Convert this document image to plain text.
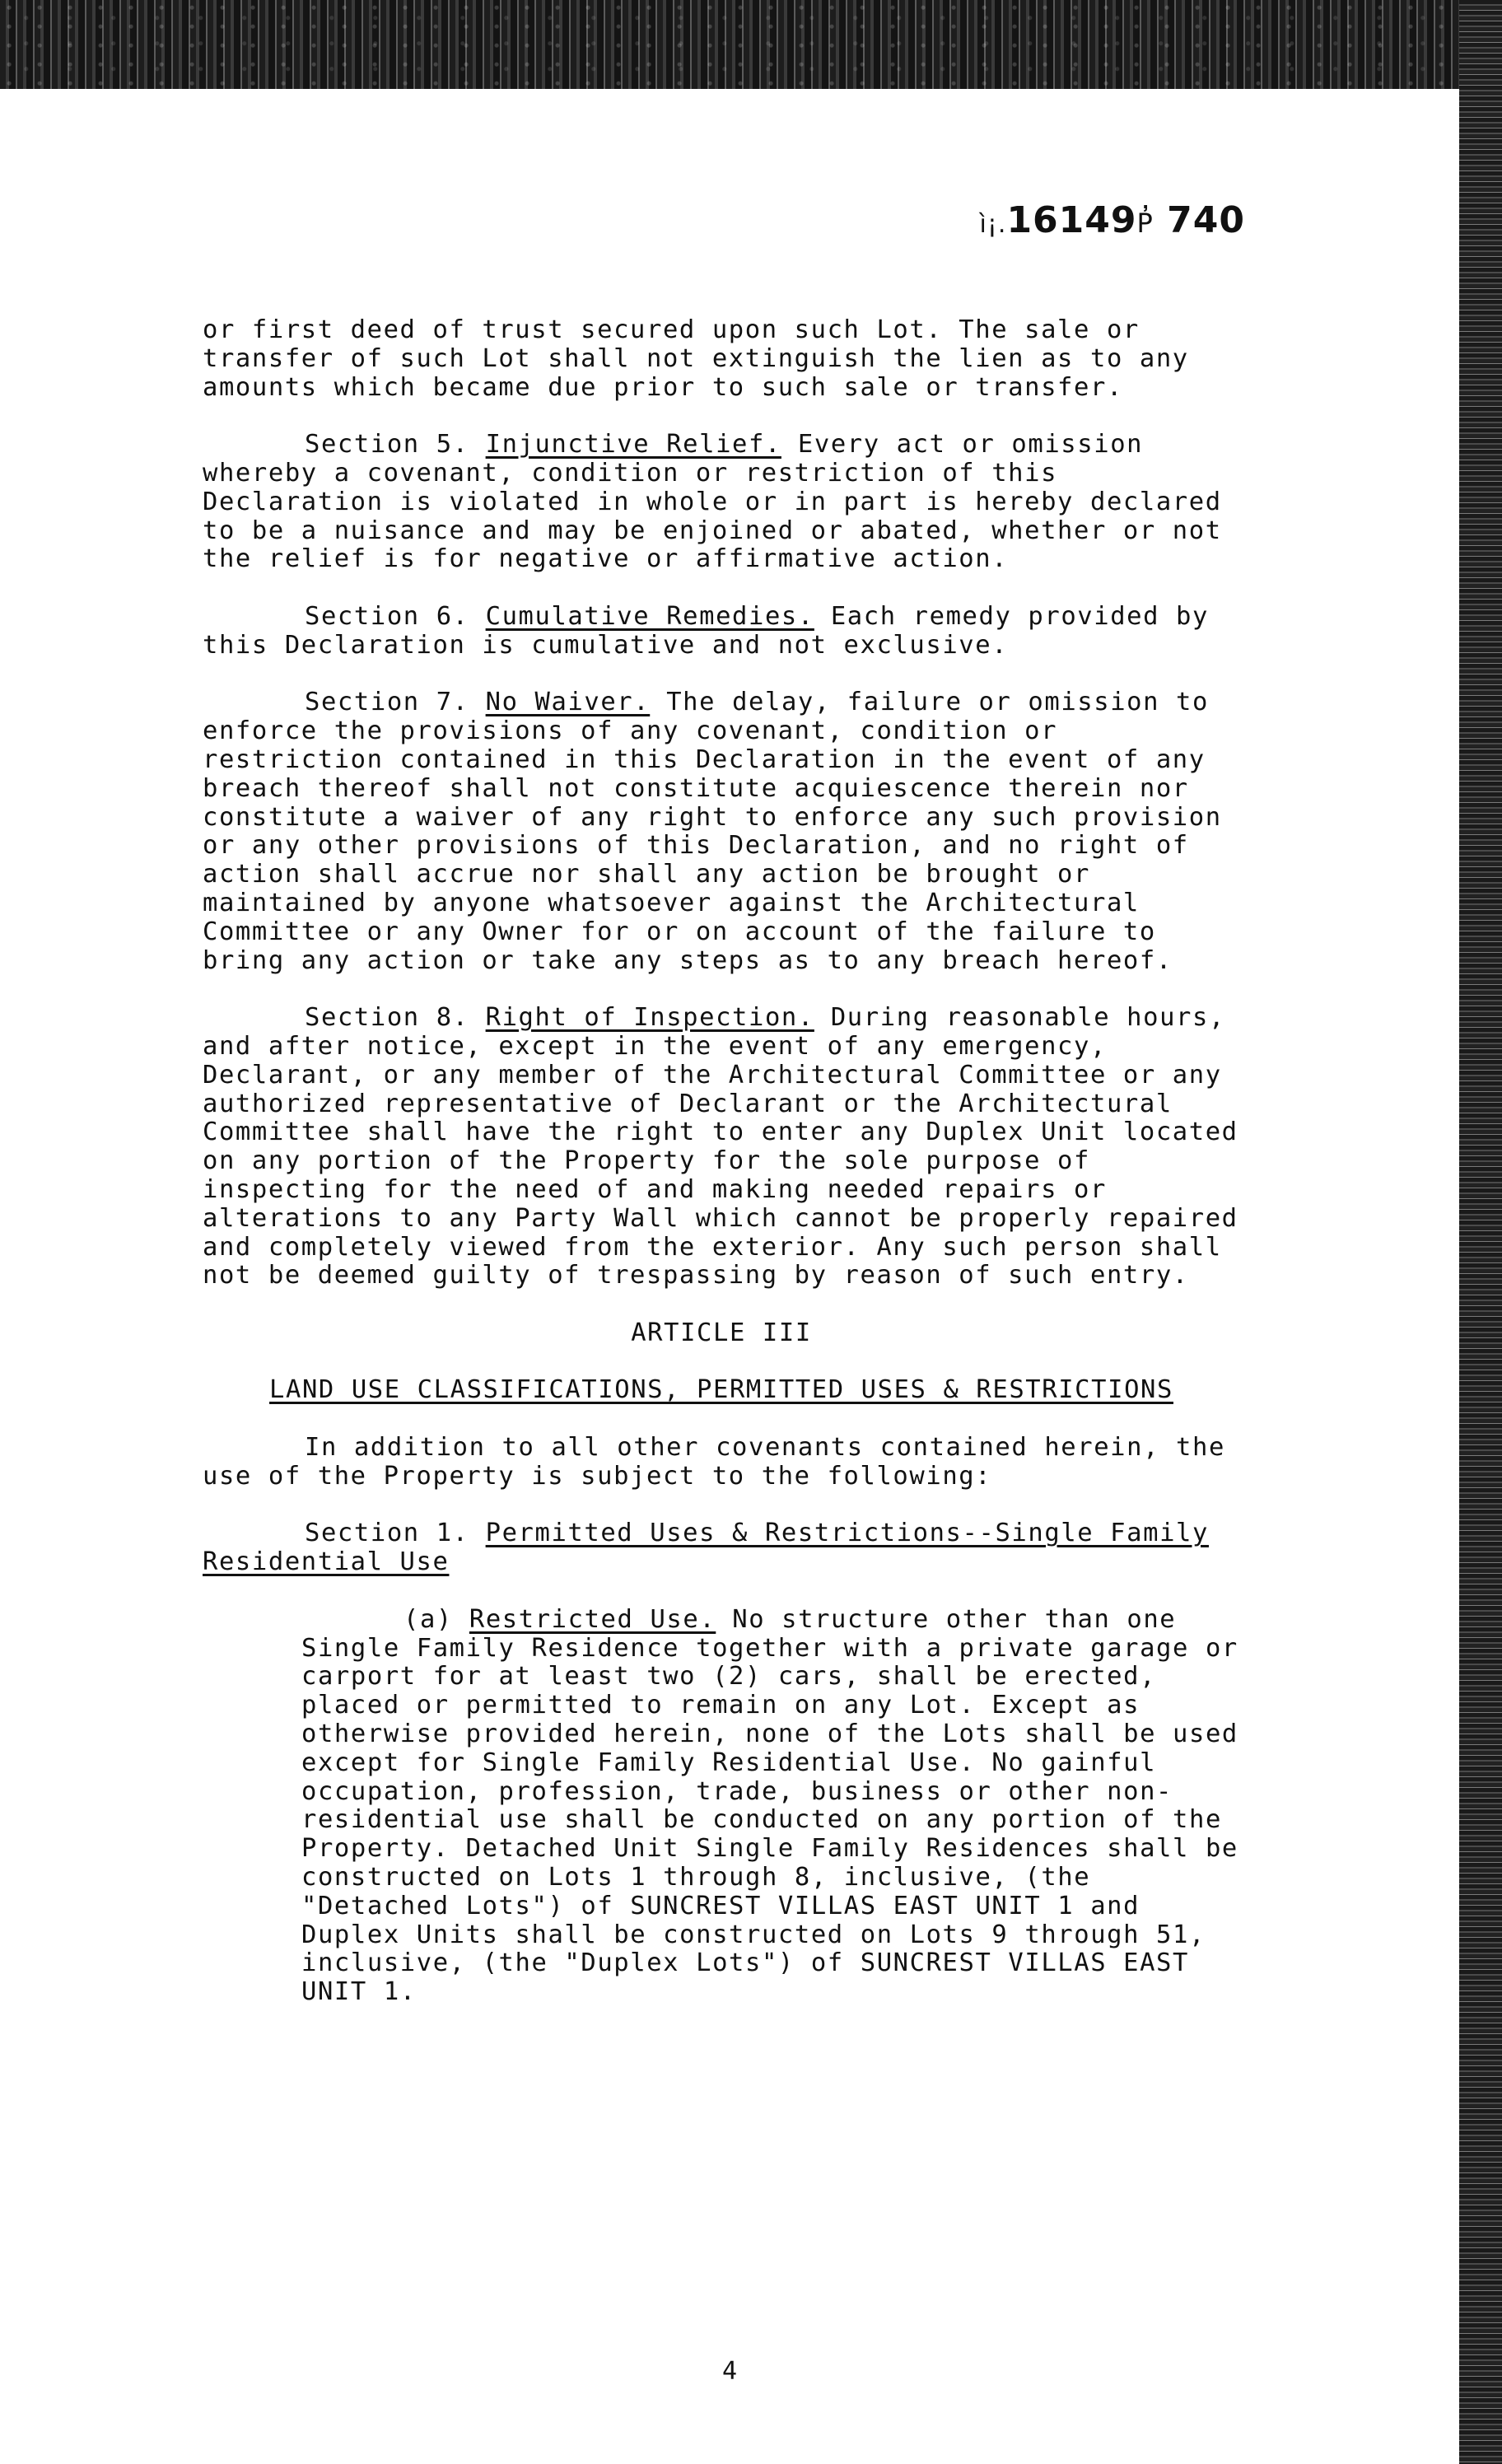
ì¡.16149P̓ 740

or first deed of trust secured upon such Lot. The sale or transfer of such Lot shall not extinguish the lien as to any amounts which became due prior to such sale or transfer.

Section 5. Injunctive Relief. Every act or omission whereby a covenant, condition or restriction of this Declaration is violated in whole or in part is hereby declared to be a nuisance and may be enjoined or abated, whether or not the relief is for negative or affirmative action.

Section 6. Cumulative Remedies. Each remedy provided by this Declaration is cumulative and not exclusive.

Section 7. No Waiver. The delay, failure or omission to enforce the provisions of any covenant, condition or restriction contained in this Declaration in the event of any breach thereof shall not constitute acquiescence therein nor constitute a waiver of any right to enforce any such provision or any other provisions of this Declaration, and no right of action shall accrue nor shall any action be brought or maintained by anyone whatsoever against the Architectural Committee or any Owner for or on account of the failure to bring any action or take any steps as to any breach hereof.

Section 8. Right of Inspection. During reasonable hours, and after notice, except in the event of any emergency, Declarant, or any member of the Architectural Committee or any authorized representative of Declarant or the Architectural Committee shall have the right to enter any Duplex Unit located on any portion of the Property for the sole purpose of inspecting for the need of and making needed repairs or alterations to any Party Wall which cannot be properly repaired and completely viewed from the exterior. Any such person shall not be deemed guilty of trespassing by reason of such entry.

ARTICLE III

LAND USE CLASSIFICATIONS, PERMITTED USES & RESTRICTIONS

In addition to all other covenants contained herein, the use of the Property is subject to the following:

Section 1. Permitted Uses & Restrictions--Single Family Residential Use

(a) Restricted Use. No structure other than one Single Family Residence together with a private garage or carport for at least two (2) cars, shall be erected, placed or permitted to remain on any Lot. Except as otherwise provided herein, none of the Lots shall be used except for Single Family Residential Use. No gainful occupation, profession, trade, business or other non-residential use shall be conducted on any portion of the Property. Detached Unit Single Family Residences shall be constructed on Lots 1 through 8, inclusive, (the "Detached Lots") of SUNCREST VILLAS EAST UNIT 1 and Duplex Units shall be constructed on Lots 9 through 51, inclusive, (the "Duplex Lots") of SUNCREST VILLAS EAST UNIT 1.

4
